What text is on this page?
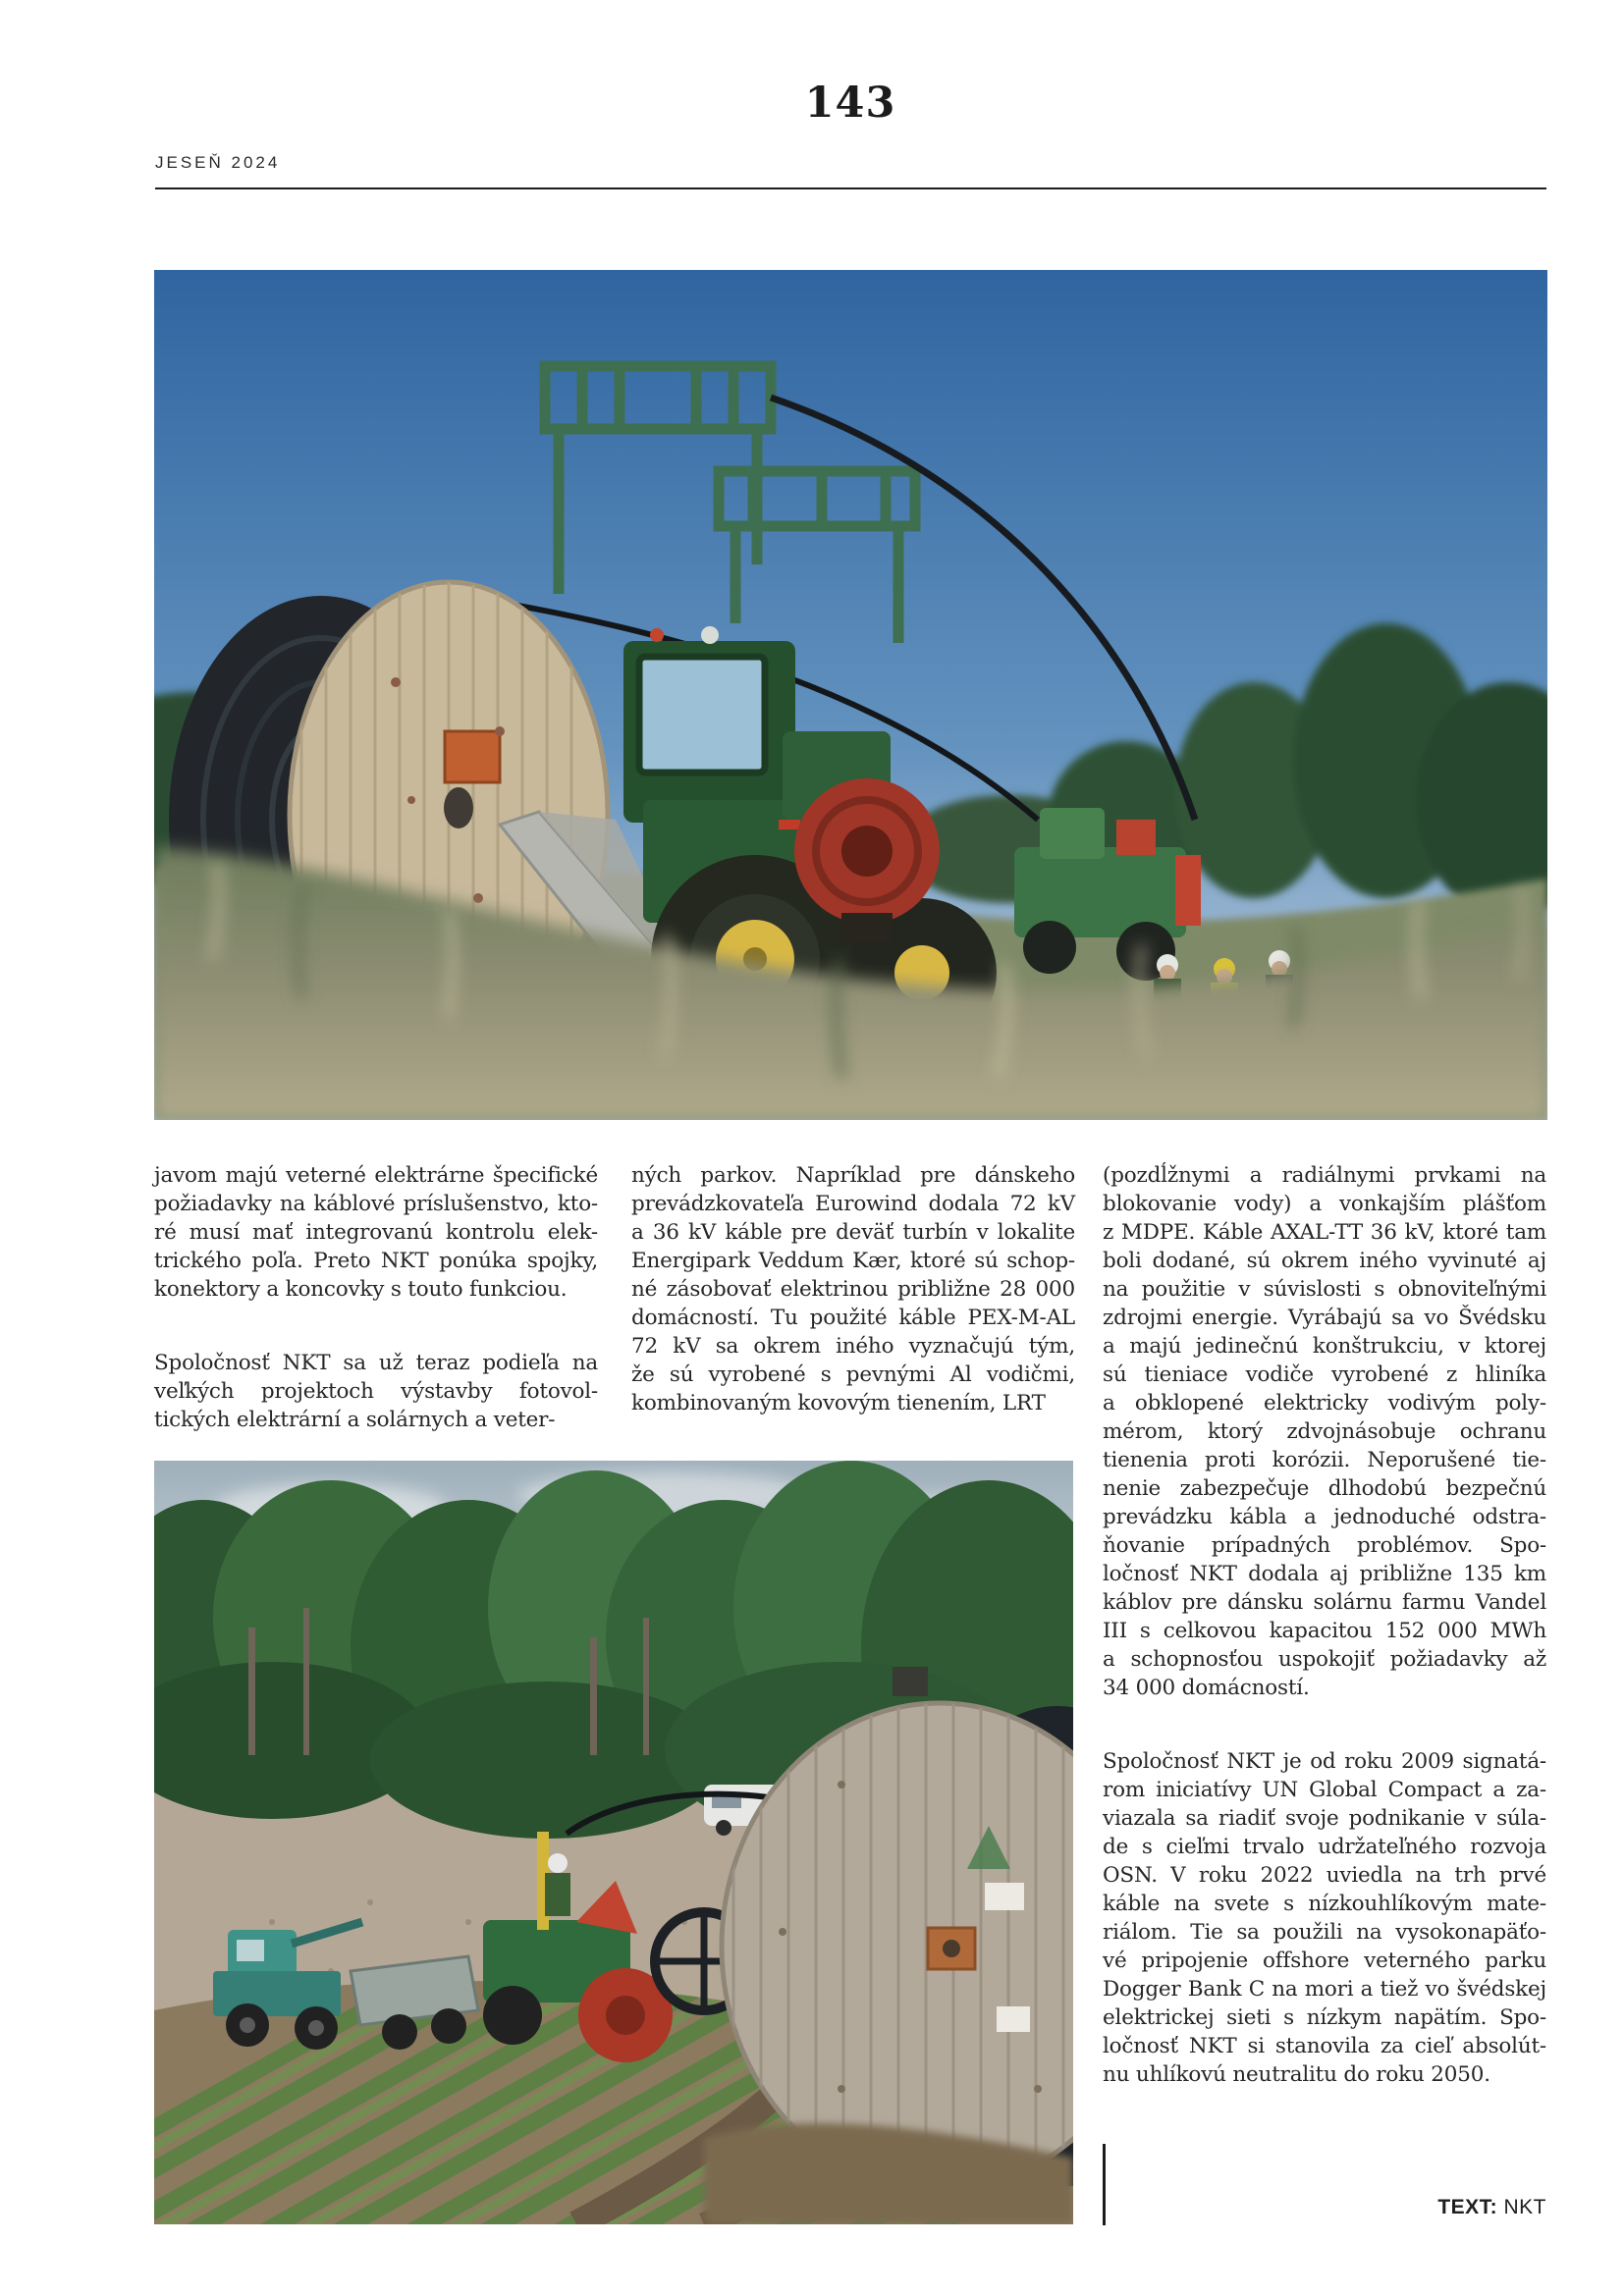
143
JESEŇ 2024
javom majú veterné elektrárne špecifické
požiadavky na káblové príslušenstvo, kto-
ré musí mať integrovanú kontrolu elek-
trického poľa. Preto NKT ponúka spojky,
konektory a koncovky s touto funkciou.
Spoločnosť NKT sa už teraz podieľa na
veľkých projektoch výstavby fotovol-
tických elektrární a solárnych a veter-
ných parkov. Napríklad pre dánskeho
prevádzkovateľa Eurowind dodala 72 kV
a 36 kV káble pre deväť turbín v lokalite
Energipark Veddum Kær, ktoré sú schop-
né zásobovať elektrinou približne 28 000
domácností. Tu použité káble PEX-M-AL
72 kV sa okrem iného vyznačujú tým,
že sú vyrobené s pevnými Al vodičmi,
kombinovaným kovovým tienením, LRT
(pozdĺžnymi a radiálnymi prvkami na
blokovanie vody) a vonkajším plášťom
z MDPE. Káble AXAL-TT 36 kV, ktoré tam
boli dodané, sú okrem iného vyvinuté aj
na použitie v súvislosti s obnoviteľnými
zdrojmi energie. Vyrábajú sa vo Švédsku
a majú jedinečnú konštrukciu, v ktorej
sú tieniace vodiče vyrobené z hliníka
a obklopené elektricky vodivým poly-
mérom, ktorý zdvojnásobuje ochranu
tienenia proti korózii. Neporušené tie-
nenie zabezpečuje dlhodobú bezpečnú
prevádzku kábla a jednoduché odstra-
ňovanie prípadných problémov. Spo-
ločnosť NKT dodala aj približne 135 km
káblov pre dánsku solárnu farmu Vandel
III s celkovou kapacitou 152 000 MWh
a schopnosťou uspokojiť požiadavky až
34 000 domácností.
Spoločnosť NKT je od roku 2009 signatá-
rom iniciatívy UN Global Compact a za-
viazala sa riadiť svoje podnikanie v súla-
de s cieľmi trvalo udržateľného rozvoja
OSN. V roku 2022 uviedla na trh prvé
káble na svete s nízkouhlíkovým mate-
riálom. Tie sa použili na vysokonapäťo-
vé pripojenie offshore veterného parku
Dogger Bank C na mori a tiež vo švédskej
elektrickej sieti s nízkym napätím. Spo-
ločnosť NKT si stanovila za cieľ absolút-
nu uhlíkovú neutralitu do roku 2050.
TEXT: NKT
